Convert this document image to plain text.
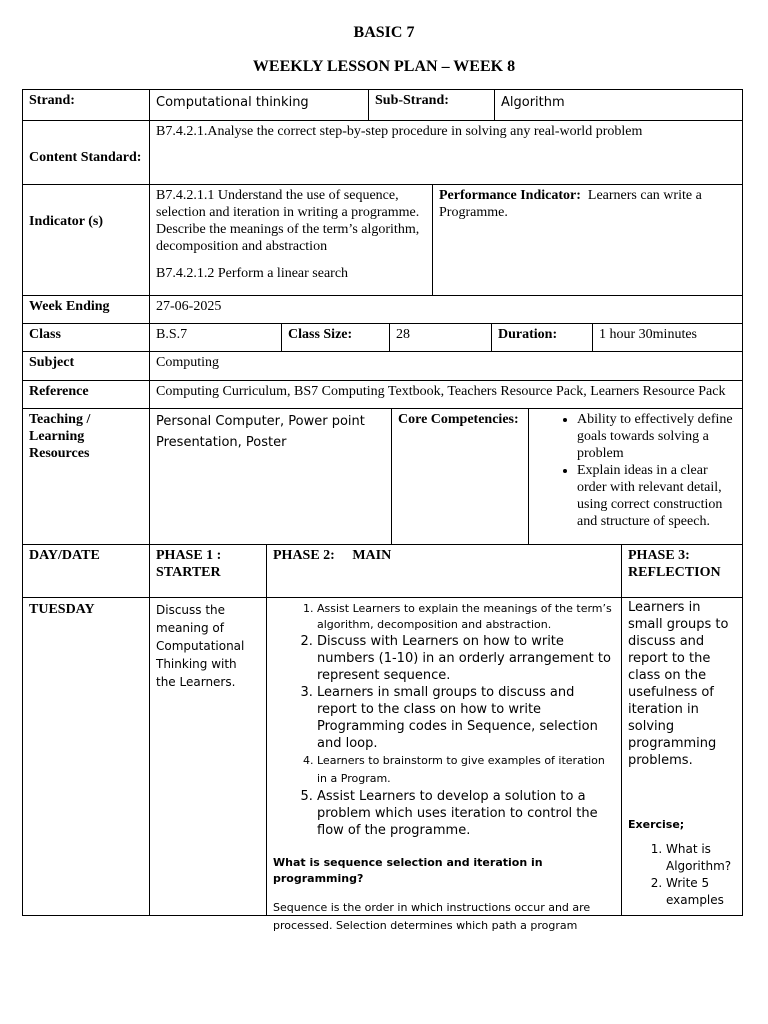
BASIC 7
WEEKLY LESSON PLAN – WEEK 8
Strand:	Computational thinking	Sub-Strand:	Algorithm
Content Standard:
B7.4.2.1.Analyse the correct step-by-step procedure in solving any real-world problem
Indicator (s)
B7.4.2.1.1 Understand the use of sequence, selection and iteration in writing a programme. Describe the meanings of the term’s algorithm, decomposition and abstraction
B7.4.2.1.2 Perform a linear search
Performance Indicator: Learners can write a Programme.
Week Ending	27-06-2025
Class	B.S.7	Class Size:	28	Duration:	1 hour 30minutes
Subject	Computing
Reference	Computing Curriculum, BS7 Computing Textbook, Teachers Resource Pack, Learners Resource Pack
Teaching / Learning Resources
Personal Computer, Power point Presentation, Poster
Core Competencies:
•	Ability to effectively define goals towards solving a problem
• Explain ideas in a clear order with relevant detail, using correct construction and structure of speech.
DAY/DATE	PHASE 1 : STARTER
PHASE 2:     MAIN	PHASE 3: REFLECTION
TUESDAY	Discuss the meaning of Computational Thinking with the Learners.
1. Assist Learners to explain the meanings of the term’s algorithm, decomposition and abstraction.
2. Discuss with Learners on how to write numbers (1-10) in an orderly arrangement to represent sequence.
3. Learners in small groups to discuss and report to the class on how to write Programming codes in Sequence, selection and loop.
4. Learners to brainstorm to give examples of iteration in a Program.
5. Assist Learners to develop a solution to a problem which uses iteration to control the flow of the programme.
What is sequence selection and iteration in programming?
Sequence is the order in which instructions occur and are processed. Selection determines which path a program
Learners in small groups to discuss and report to the class on the usefulness of iteration in solving programming problems.
Exercise;
1. What is Algorithm?
2. Write 5 examples
